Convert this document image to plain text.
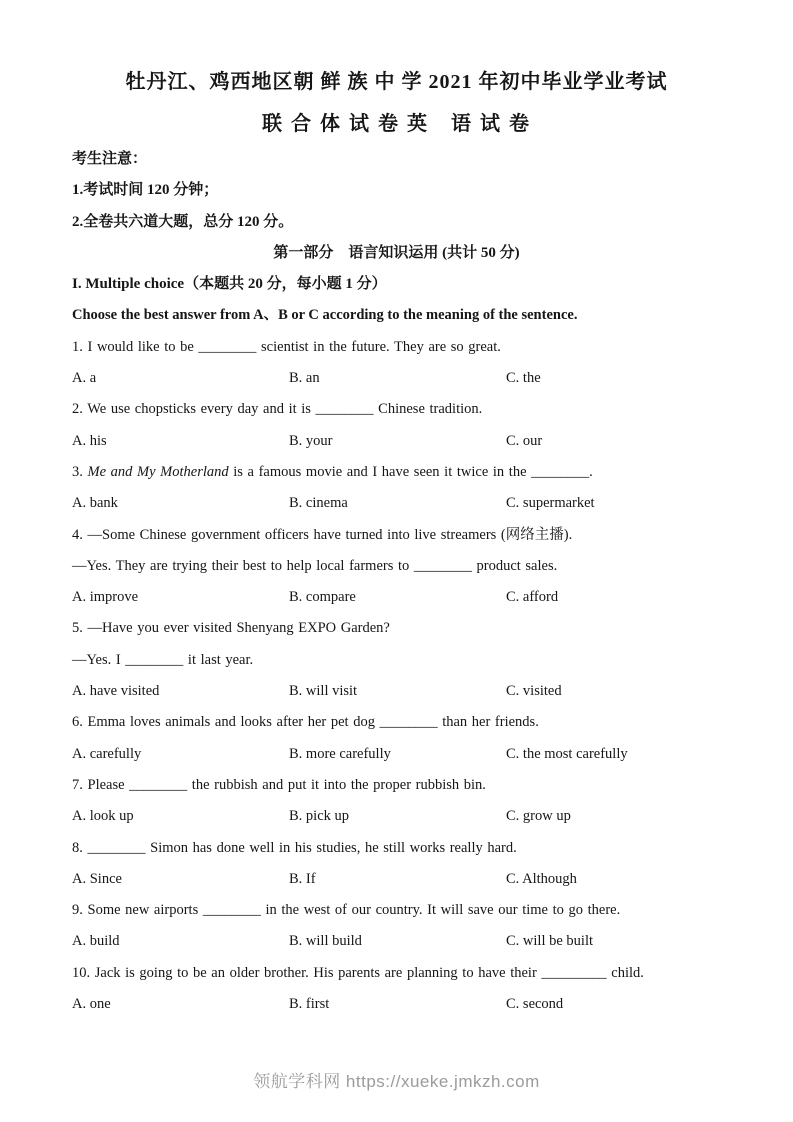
牡丹江、鸡西地区朝 鲜 族 中 学 2021 年初中毕业学业考试
联 合 体 试 卷 英　语 试 卷
考生注意：
1.考试时间 120 分钟；
2.全卷共六道大题，总分 120 分。
第一部分　语言知识运用 (共计 50 分)
I. Multiple choice（本题共 20 分，每小题 1 分）
Choose the best answer from A、B or C according to the meaning of the sentence.
1. I would like to be ________ scientist in the future. They are so great.
A. a	B. an	C. the
2. We use chopsticks every day and it is ________ Chinese tradition.
A. his	B. your	C. our
3. Me and My Motherland is a famous movie and I have seen it twice in the ________.
A. bank	B. cinema	C. supermarket
4. —Some Chinese government officers have turned into live streamers (网络主播).
—Yes. They are trying their best to help local farmers to ________ product sales.
A. improve	B. compare	C. afford
5. —Have you ever visited Shenyang EXPO Garden?
—Yes. I ________ it last year.
A. have visited	B. will visit	C. visited
6. Emma loves animals and looks after her pet dog ________ than her friends.
A. carefully	B. more carefully	C. the most carefully
7. Please ________ the rubbish and put it into the proper rubbish bin.
A. look up	B. pick up	C. grow up
8. ________ Simon has done well in his studies, he still works really hard.
A. Since	B. If	C. Although
9. Some new airports ________ in the west of our country. It will save our time to go there.
A. build	B. will build	C. will be built
10. Jack is going to be an older brother. His parents are planning to have their _________ child.
A. one	B. first	C. second
领航学科网 https://xueke.jmkzh.com
